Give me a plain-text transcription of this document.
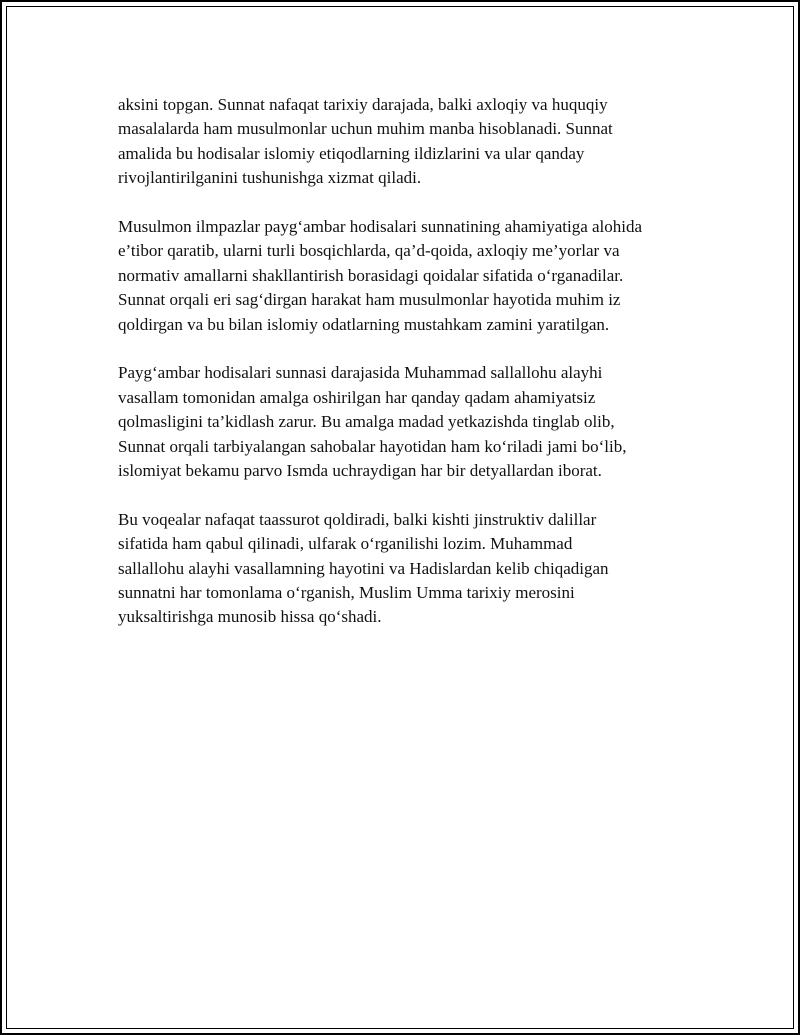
aksini topgan. Sunnat nafaqat tarixiy darajada, balki axloqiy va huquqiy
masalalarda ham musulmonlar uchun muhim manba hisoblanadi. Sunnat
amalida bu hodisalar islomiy etiqodlarning ildizlarini va ular qanday
rivojlantirilganini tushunishga xizmat qiladi.

Musulmon ilmpazlar payg‘ambar hodisalari sunnatining ahamiyatiga alohida
e’tibor qaratib, ularni turli bosqichlarda, qa’d-qoida, axloqiy me’yorlar va
normativ amallarni shakllantirish borasidagi qoidalar sifatida o‘rganadilar.
Sunnat orqali eri sag‘dirgan harakat ham musulmonlar hayotida muhim iz
qoldirgan va bu bilan islomiy odatlarning mustahkam zamini yaratilgan.

Payg‘ambar hodisalari sunnasi darajasida Muhammad sallallohu alayhi
vasallam tomonidan amalga oshirilgan har qanday qadam ahamiyatsiz
qolmasligini ta’kidlash zarur. Bu amalga madad yetkazishda tinglab olib,
Sunnat orqali tarbiyalangan sahobalar hayotidan ham ko‘riladi jami bo‘lib,
islomiyat bekamu parvo Ismda uchraydigan har bir detyallardan iborat.

Bu voqealar nafaqat taassurot qoldiradi, balki kishti jinstruktiv dalillar
sifatida ham qabul qilinadi, ulfarak o‘rganilishi lozim. Muhammad
sallallohu alayhi vasallamning hayotini va Hadislardan kelib chiqadigan
sunnatni har tomonlama o‘rganish, Muslim Umma tarixiy merosini
yuksaltirishga munosib hissa qo‘shadi.
